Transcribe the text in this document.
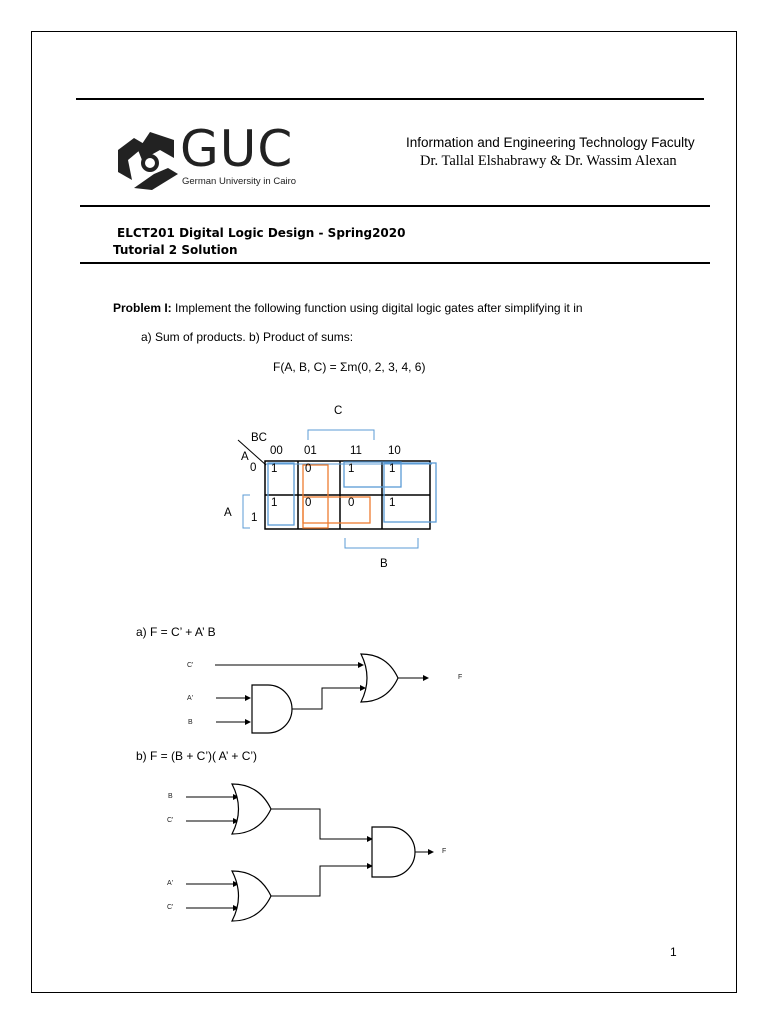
GUC
German University in Cairo
Information and Engineering Technology Faculty
Dr. Tallal Elshabrawy & Dr. Wassim Alexan
ELCT201 Digital Logic Design - Spring2020
Tutorial 2 Solution
Problem I: Implement the following function using digital logic gates after simplifying it in
a) Sum of products. b) Product of sums:
F(A, B, C) = Σm(0, 2, 3, 4, 6)
BC
A 00 01	11 10
0
1
1 0	1	1
1 0	0	1
C
A
B
a) F = C’ + A’ B
C'
A'
B
F
b) F = (B + C’)( A’ + C’)
B
C'
A'
C'
F
1
